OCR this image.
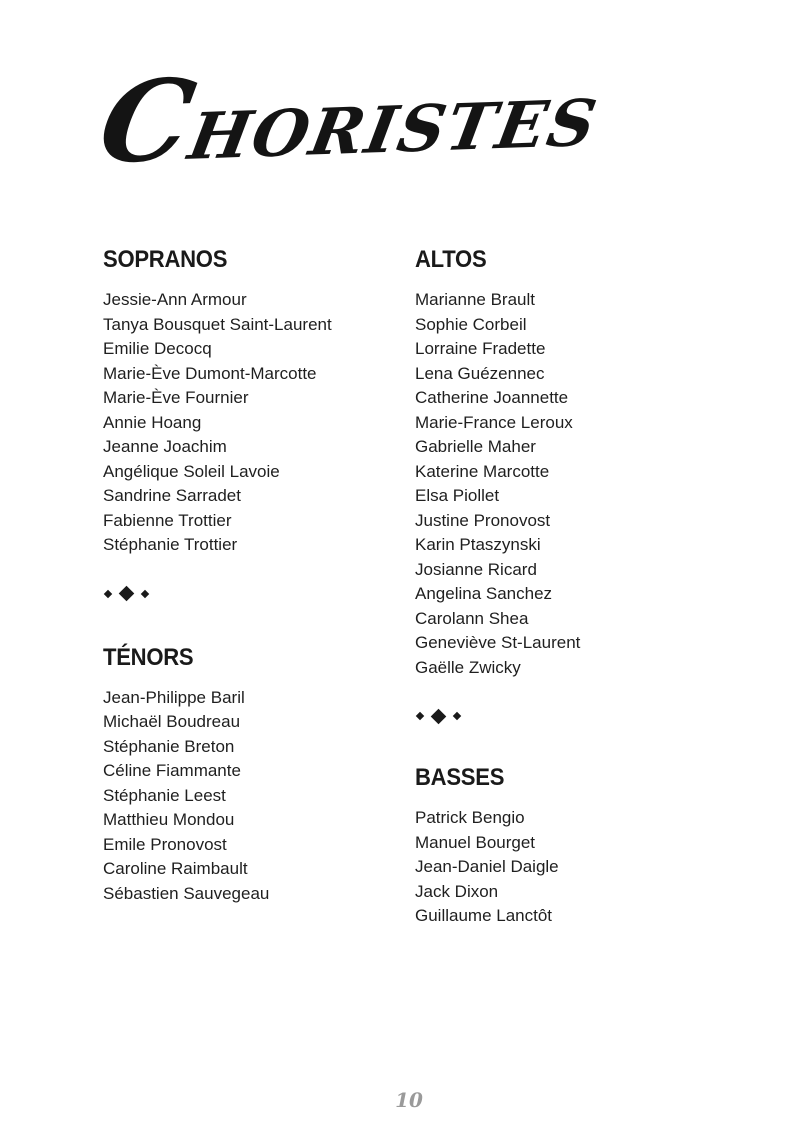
CHORISTES
SOPRANOS
Jessie-Ann Armour
Tanya Bousquet Saint-Laurent
Emilie Decocq
Marie-Ève Dumont-Marcotte
Marie-Ève Fournier
Annie Hoang
Jeanne Joachim
Angélique Soleil Lavoie
Sandrine Sarradet
Fabienne Trottier
Stéphanie Trottier
TÉNORS
Jean-Philippe Baril
Michaël Boudreau
Stéphanie Breton
Céline Fiammante
Stéphanie Leest
Matthieu Mondou
Emile Pronovost
Caroline Raimbault
Sébastien Sauvegeau
ALTOS
Marianne Brault
Sophie Corbeil
Lorraine Fradette
Lena Guézennec
Catherine Joannette
Marie-France Leroux
Gabrielle Maher
Katerine Marcotte
Elsa Piollet
Justine Pronovost
Karin Ptaszynski
Josianne Ricard
Angelina Sanchez
Carolann Shea
Geneviève St-Laurent
Gaëlle Zwicky
BASSES
Patrick Bengio
Manuel Bourget
Jean-Daniel Daigle
Jack Dixon
Guillaume Lanctôt
10
